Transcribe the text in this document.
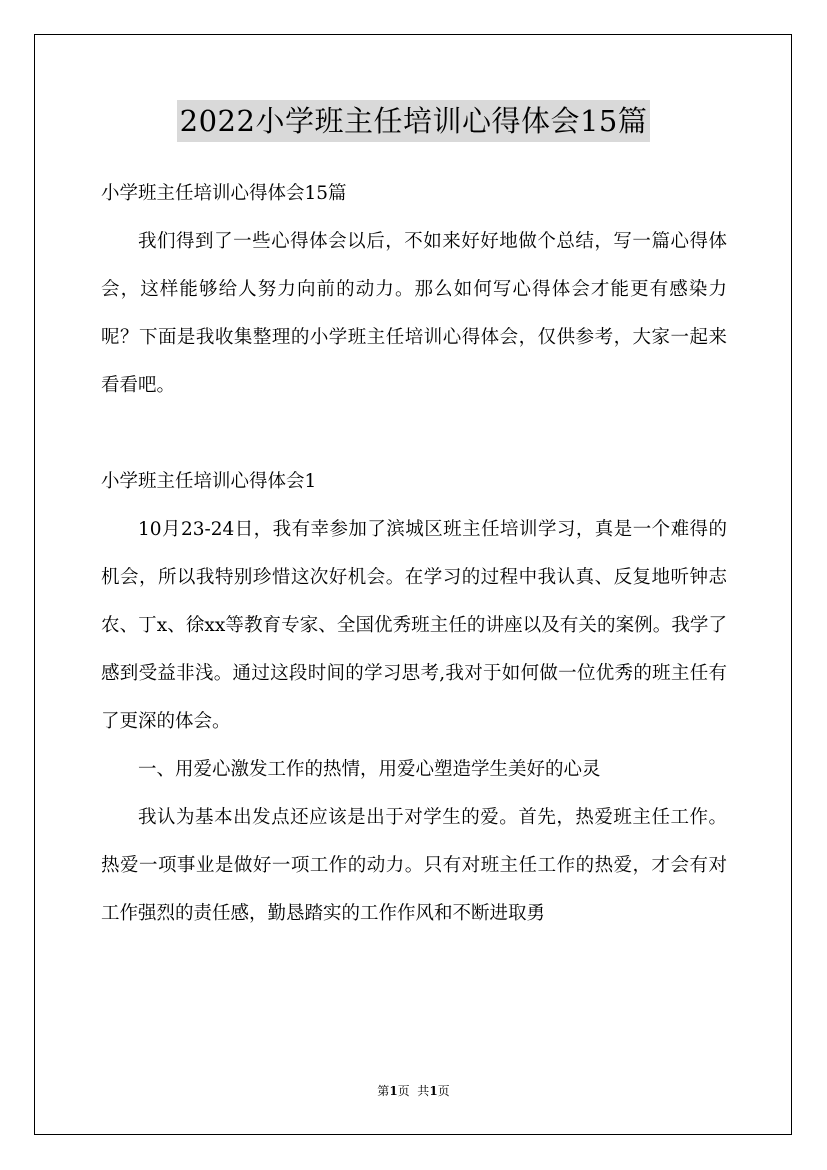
2022小学班主任培训心得体会15篇

小学班主任培训心得体会15篇

我们得到了一些心得体会以后，不如来好好地做个总结，写一篇心得体会，这样能够给人努力向前的动力。那么如何写心得体会才能更有感染力呢？下面是我收集整理的小学班主任培训心得体会，仅供参考，大家一起来看看吧。

小学班主任培训心得体会1

10月23-24日，我有幸参加了滨城区班主任培训学习，真是一个难得的机会，所以我特别珍惜这次好机会。在学习的过程中我认真、反复地听钟志农、丁x、徐xx等教育专家、全国优秀班主任的讲座以及有关的案例。我学了感到受益非浅。通过这段时间的学习思考,我对于如何做一位优秀的班主任有了更深的体会。

一、用爱心激发工作的热情，用爱心塑造学生美好的心灵

我认为基本出发点还应该是出于对学生的爱。首先，热爱班主任工作。热爱一项事业是做好一项工作的动力。只有对班主任工作的热爱，才会有对工作强烈的责任感，勤恳踏实的工作作风和不断进取勇

第1页  共1页
